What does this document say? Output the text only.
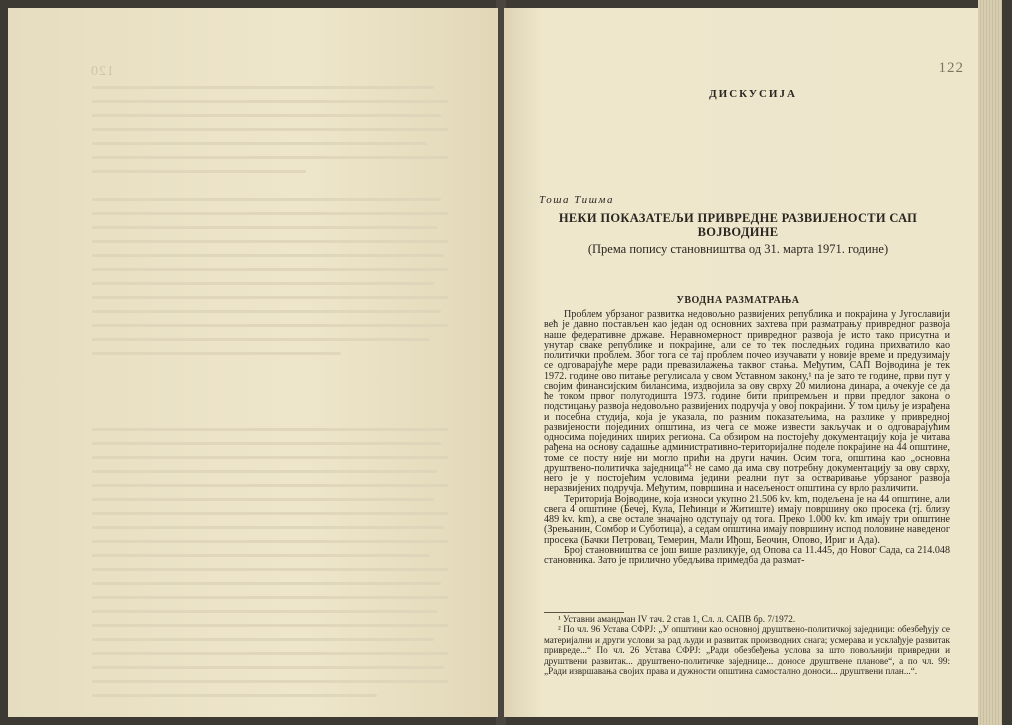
120	122
ДИСКУСИЈА
Тоша Тишма
НЕКИ ПОКАЗАТЕЉИ ПРИВРЕДНЕ РАЗВИЈЕНОСТИ САП ВОЈВОДИНЕ
(Према попису становништва од 31. марта 1971. године)
УВОДНА РАЗМАТРАЊА

Проблем убрзаног развитка недовољно развијених република и покрајина у Југославији већ је давно постављен као један од основних захтева при разматрању привредног развоја наше федеративне државе. Неравномерност привредног развоја је исто тако присутна и унутар сваке републике и покрајине, али се то тек последњих година прихватило као политички проблем. Због тога се тај проблем почео изучавати у новије време и предузимају се одговарајуће мере ради превазилажења таквог стања. Међутим, САП Војводина је тек 1972. године ово питање регулисала у свом Уставном закону,¹ па је зато те године, први пут у својим финансијским билансима, издвојила за ову сврху 20 милиона динара, а очекује се да ће током првог полугодишта 1973. године бити припремљен и први предлог закона о подстицању развоја недовољно развијених подручја у овој покрајини. У том циљу је израђена и посебна студија, која је указала, по разним показатељима, на разлике у привредној развијености појединих општина, из чега се може извести закључак и о одговарајућим односима појединих ширих региона. Са обзиром на постојећу документацију која је читава рађена на основу садашње административно-територијалне поделе покрајине на 44 општине, томе се посту није ни могло прићи на други начин. Осим тога, општина као „основна друштвено-политичка заједница“² не само да има сву потребну документацију за ову сврху, него је у постојећим условима једини реални пут за остваривање убрзаног развоја неразвијених подручја. Међутим, површина и насељеност општина су врло различити.

Територија Војводине, која износи укупно 21.506 kv. km, подељена је на 44 општине, али свега 4 општине (Бечеј, Кула, Пећинци и Житиште) имају површину око просека (тј. близу 489 kv. km), а све остале значајно одступају од тога. Преко 1.000 kv. km имају три општине (Зрењанин, Сомбор и Суботица), а седам општина имају површину испод половине наведеног просека (Бачки Петровац, Темерин, Мали Иђош, Беочин, Опово, Ириг и Ада).

Број становништва се још више разликује, од Опова са 11.445, до Новог Сада, са 214.048 становника. Зато је прилично убедљива примедба да размат-

¹ Уставни амандман IV тач. 2 став 1, Сл. л. САПВ бр. 7/1972.

² По чл. 96 Устава СФРЈ: „У општини као основној друштвено-политичкој заједници: обезбеђују се материјални и други услови за рад људи и развитак производних снага; усмерава и усклађује развитак привреде...“ По чл. 26 Устава СФРЈ: „Ради обезбеђења услова за што повољнији привредни и друштвени развитак... друштвено-политичке заједнице... доносе друштвене планове“, а по чл. 99: „Ради извршавања својих права и дужности општина самостално доноси... друштвени план...“.
